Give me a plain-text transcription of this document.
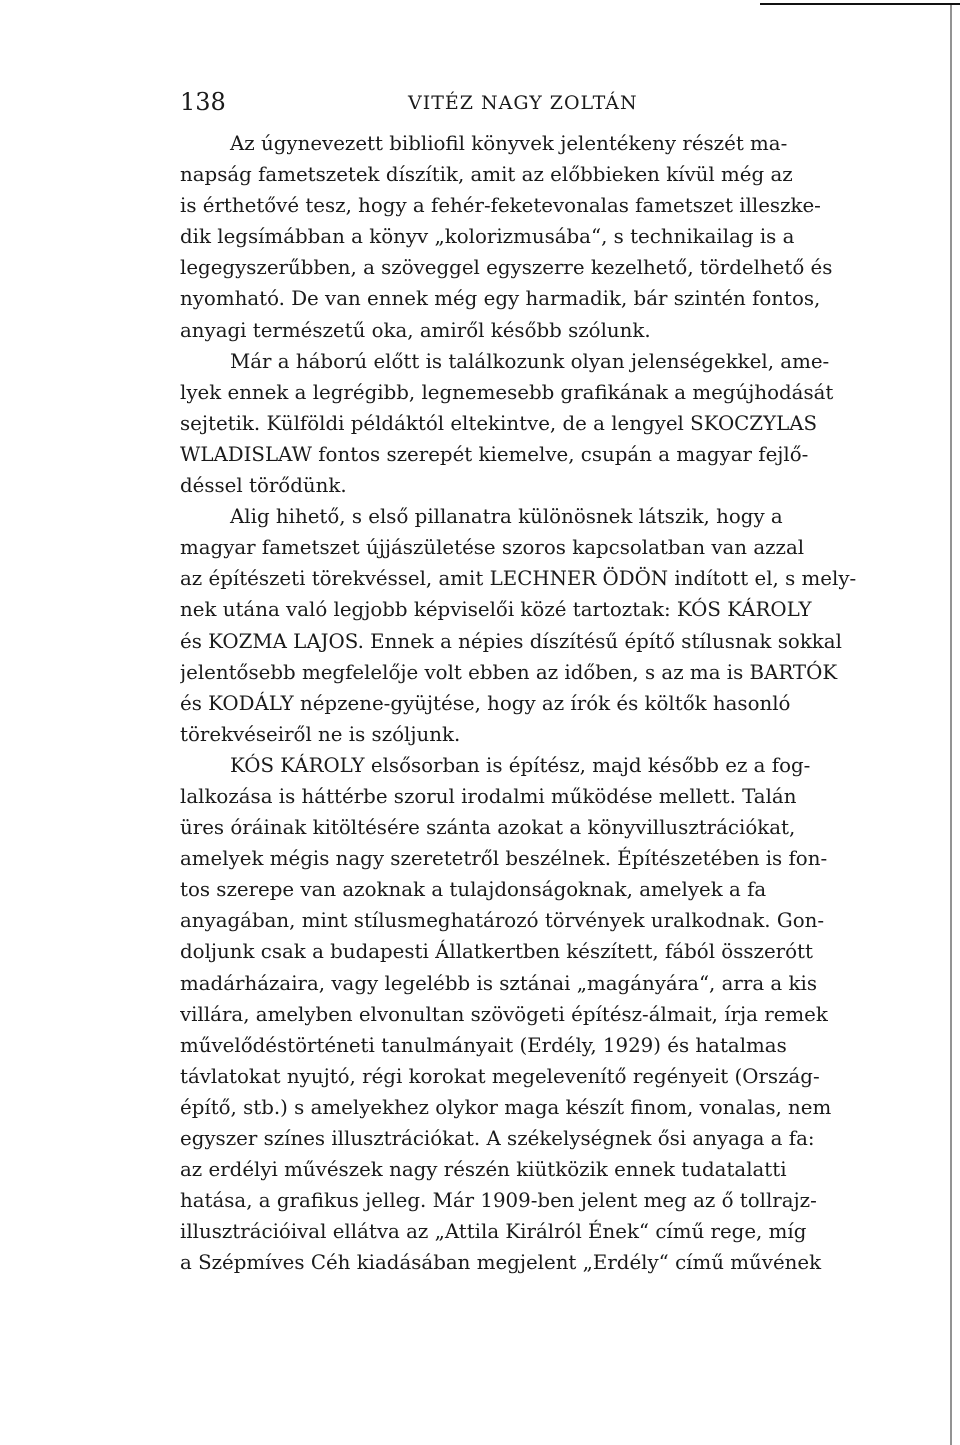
138	VITÉZ NAGY ZOLTÁN
Az úgynevezett bibliofil könyvek jelentékeny részét ma-
napság fametszetek díszítik, amit az előbbieken kívül még az
is érthetővé tesz, hogy a fehér-feketevonalas fametszet illeszke-
dik legsímábban a könyv „kolorizmusába“, s technikailag is a
legegyszerűbben, a szöveggel egyszerre kezelhető, tördelhető és
nyomható. De van ennek még egy harmadik, bár szintén fontos,
anyagi természetű oka, amiről később szólunk.
Már a háború előtt is találkozunk olyan jelenségekkel, ame-
lyek ennek a legrégibb, legnemesebb grafikának a megújhodását
sejtetik. Külföldi példáktól eltekintve, de a lengyel SKOCZYLAS
WLADISLAW fontos szerepét kiemelve, csupán a magyar fejlő-
déssel törődünk.
Alig hihető, s első pillanatra különösnek látszik, hogy a
magyar fametszet újjászületése szoros kapcsolatban van azzal
az építészeti törekvéssel, amit LECHNER ÖDÖN indított el, s mely-
nek utána való legjobb képviselői közé tartoztak: KÓS KÁROLY
és KOZMA LAJOS. Ennek a népies díszítésű építő stílusnak sokkal
jelentősebb megfelelője volt ebben az időben, s az ma is BARTÓK
és KODÁLY népzene-gyüjtése, hogy az írók és költők hasonló
törekvéseiről ne is szóljunk.
KÓS KÁROLY elsősorban is építész, majd később ez a fog-
lalkozása is háttérbe szorul irodalmi működése mellett. Talán
üres óráinak kitöltésére szánta azokat a könyvillusztrációkat,
amelyek mégis nagy szeretetről beszélnek. Építészetében is fon-
tos szerepe van azoknak a tulajdonságoknak, amelyek a fa
anyagában, mint stílusmeghatározó törvények uralkodnak. Gon-
doljunk csak a budapesti Állatkertben készített, fából összerótt
madárházaira, vagy legelébb is sztánai „magányára“, arra a kis
villára, amelyben elvonultan szövögeti építész-álmait, írja remek
művelődéstörténeti tanulmányait (Erdély, 1929) és hatalmas
távlatokat nyujtó, régi korokat megelevenítő regényeit (Ország-
építő, stb.) s amelyekhez olykor maga készít finom, vonalas, nem
egyszer színes illusztrációkat. A székelységnek ősi anyaga a fa:
az erdélyi művészek nagy részén kiütközik ennek tudatalatti
hatása, a grafikus jelleg. Már 1909-ben jelent meg az ő tollrajz-
illusztrációival ellátva az „Attila Királról Ének“ című rege, míg
a Szépmíves Céh kiadásában megjelent „Erdély“ című művének
